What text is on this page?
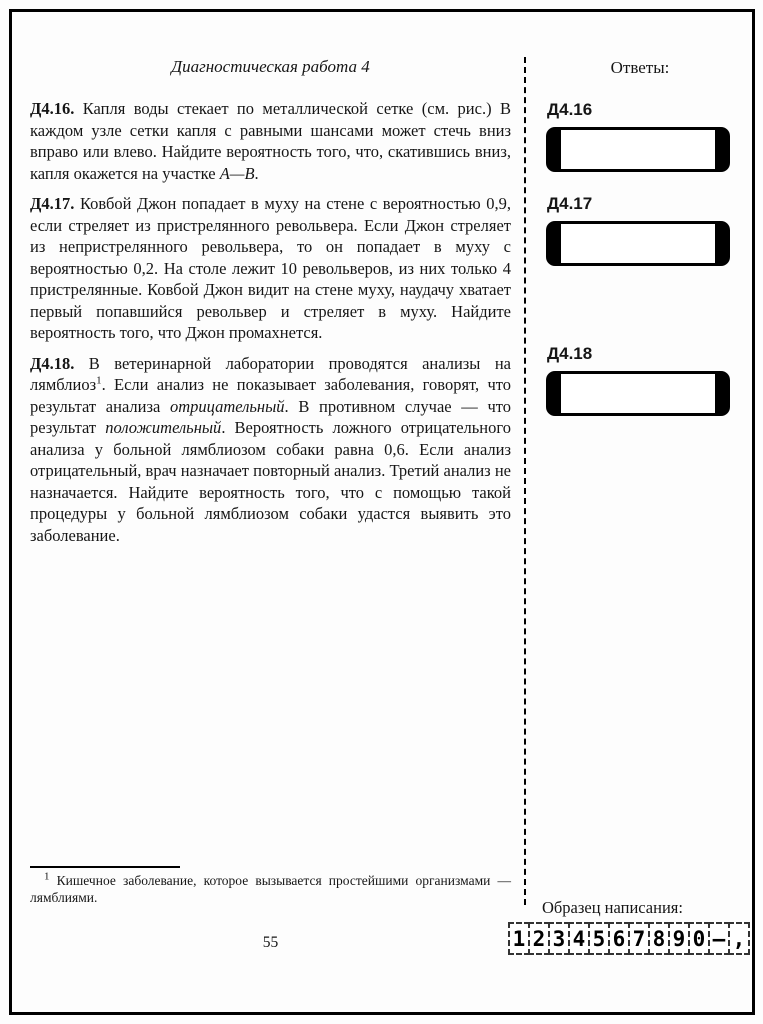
Диагностическая работа 4

Д4.16. Капля воды стекает по металлической сетке (см. рис.) В каждом узле сетки капля с равными шансами может стечь вниз вправо или влево. Найдите вероятность того, что, скатившись вниз, капля окажется на участке А—В.

Д4.17. Ковбой Джон попадает в муху на стене с вероятностью 0,9, если стреляет из пристрелянного револьвера. Если Джон стреляет из непристрелянного револьвера, то он попадает в муху с вероятностью 0,2. На столе лежит 10 револьверов, из них только 4 пристрелянные. Ковбой Джон видит на стене муху, наудачу хватает первый попавшийся револьвер и стреляет в муху. Найдите вероятность того, что Джон промахнется.

Д4.18. В ветеринарной лаборатории проводятся анализы на лямблиоз$^1$. Если анализ не показывает заболевания, говорят, что результат анализа отрицательный. В противном случае — что результат положительный. Вероятность ложного отрицательного анализа у больной лямблиозом собаки равна 0,6. Если анализ отрицательный, врач назначает повторный анализ. Третий анализ не назначается. Найдите вероятность того, что с помощью такой процедуры у больной лямблиозом собаки удастся выявить это заболевание.

Ответы:
Д4.16
Д4.17
Д4.18

$^1$ Кишечное заболевание, которое вызывается простейшими организмами — лямблиями.

55
Образец написания:
1 2 3 4 5 6 7 8 9 0 — ,
